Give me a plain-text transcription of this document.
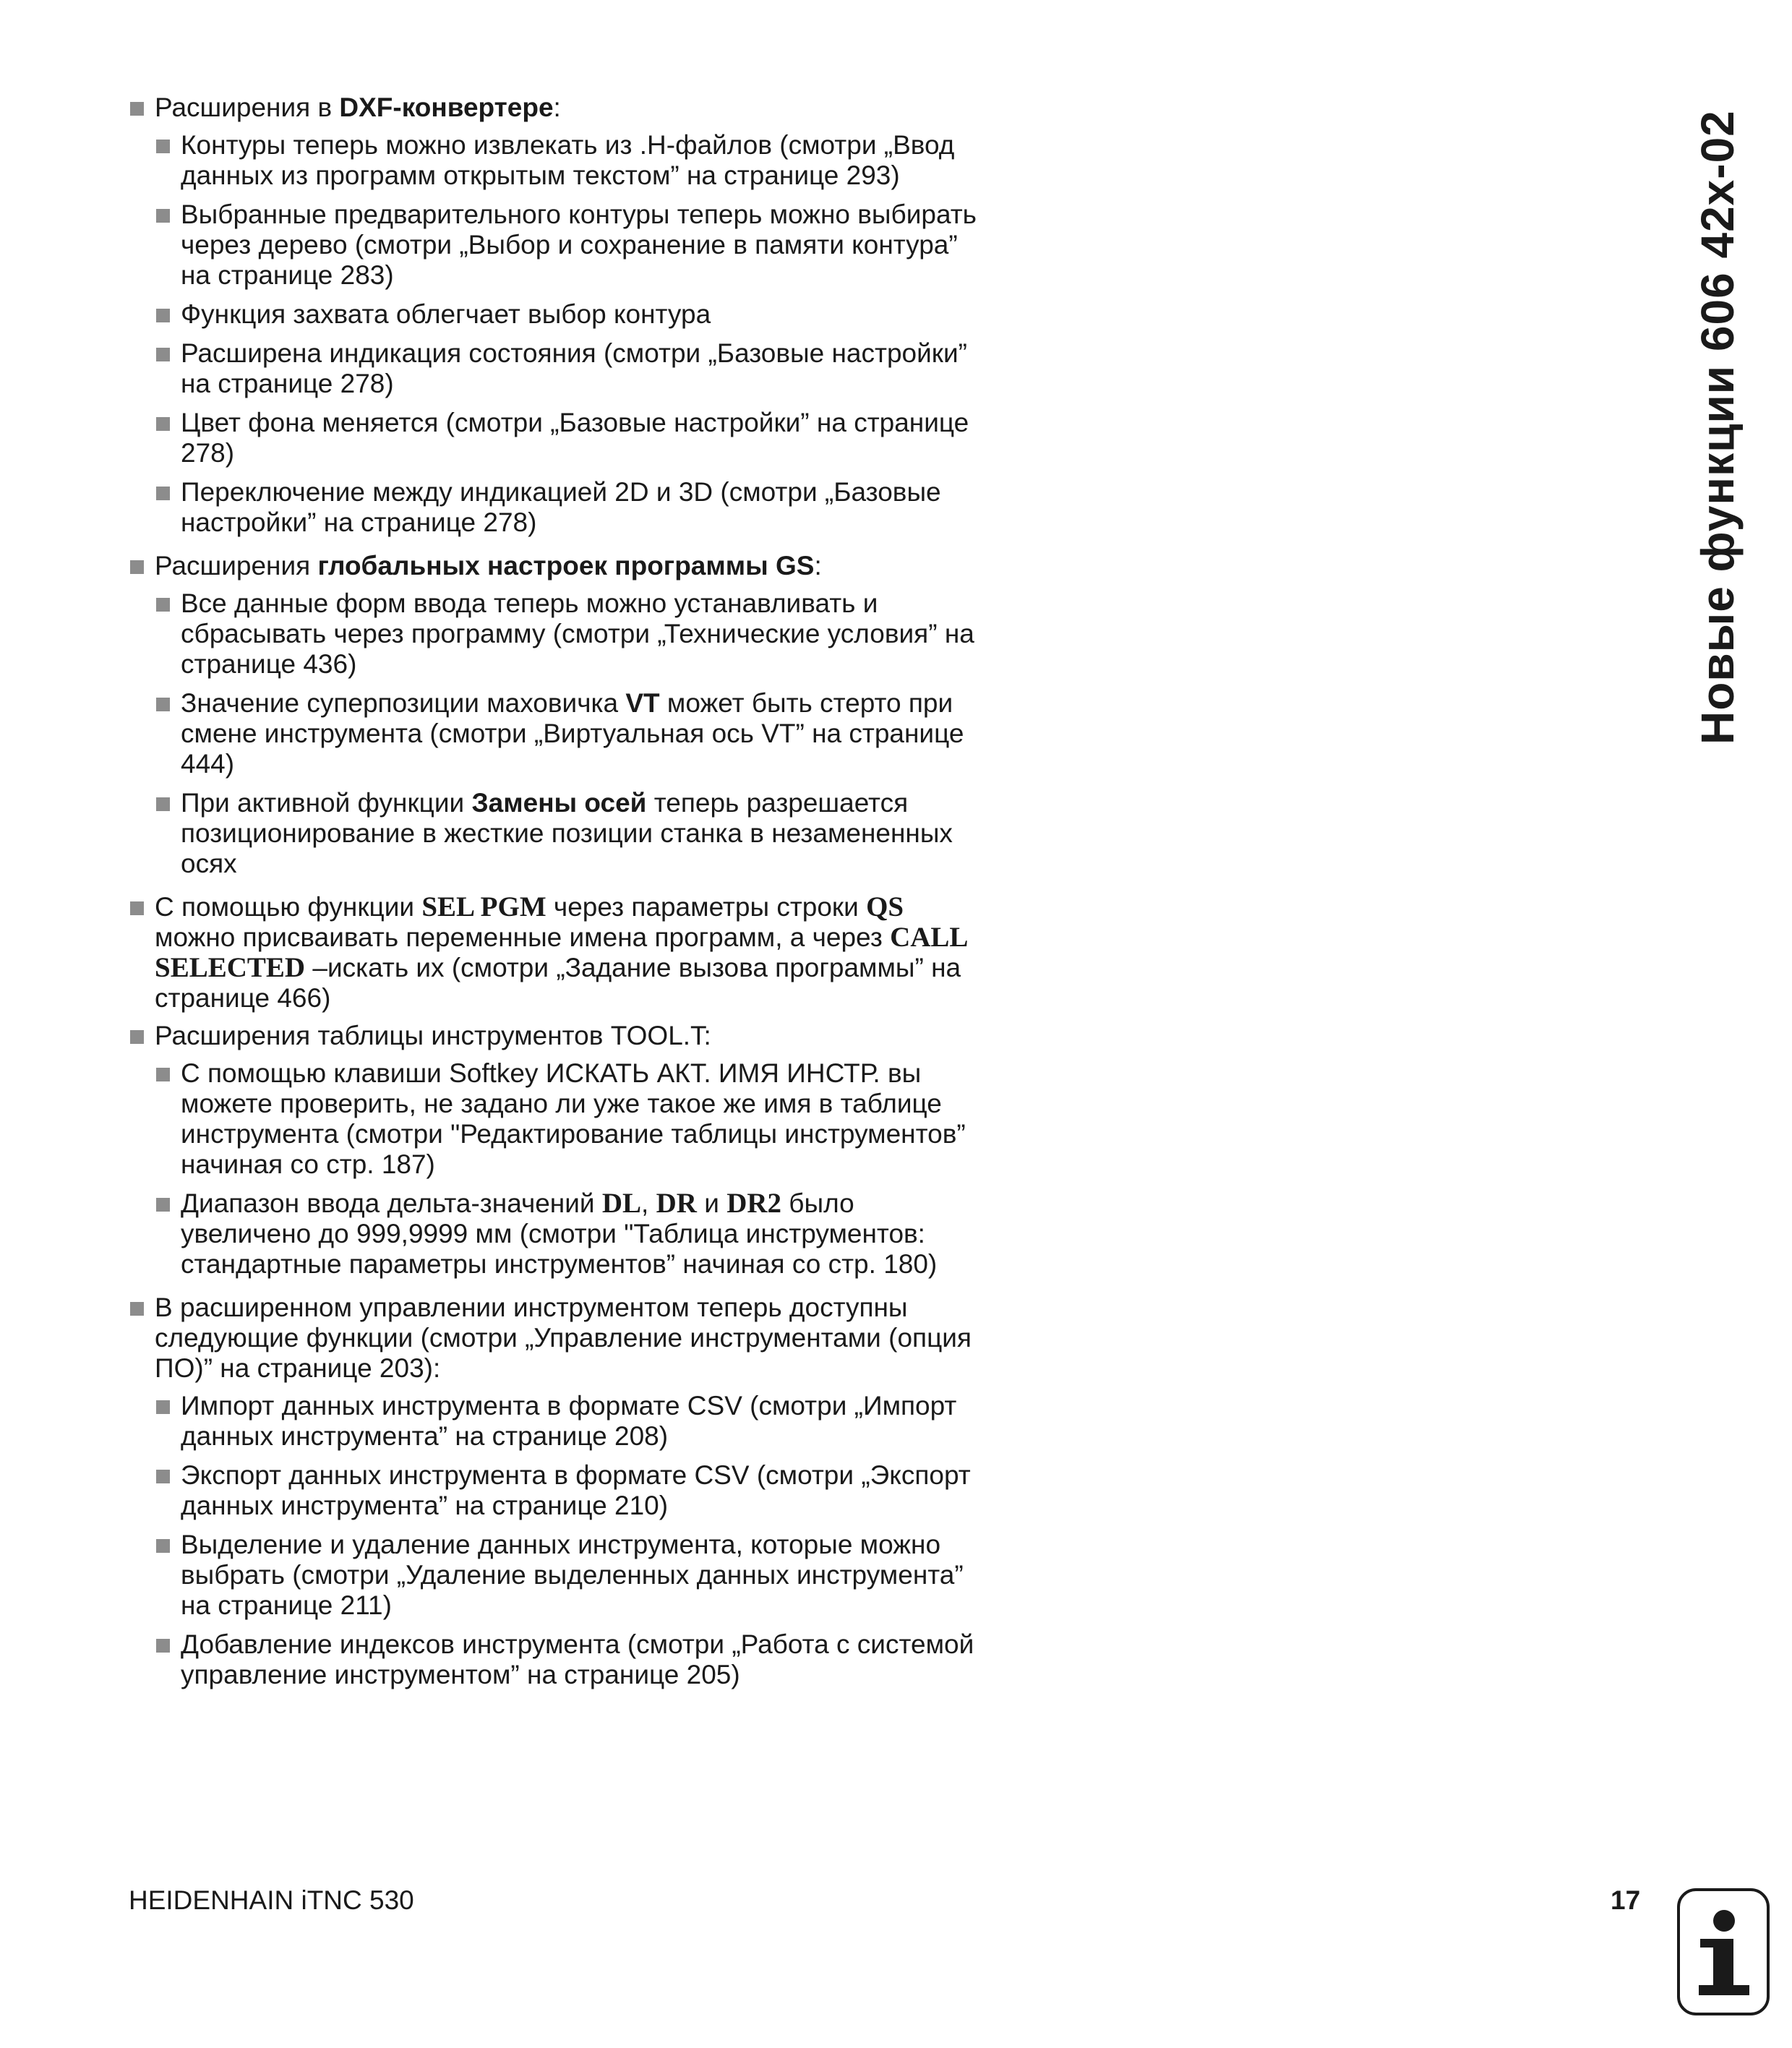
Расширения в DXF-конвертере:
Контуры теперь можно извлекать из .H-файлов (смотри „Ввод данных из программ открытым текстом” на странице 293)
Выбранные предварительного контуры теперь можно выбирать через дерево (смотри „Выбор и сохранение в памяти контура” на странице 283)
Функция захвата облегчает выбор контура
Расширена индикация состояния (смотри „Базовые настройки” на странице 278)
Цвет фона меняется (смотри „Базовые настройки” на странице 278)
Переключение между индикацией 2D и 3D (смотри „Базовые настройки” на странице 278)
Расширения глобальных настроек программы GS:
Все данные форм ввода теперь можно устанавливать и сбрасывать через программу (смотри „Технические условия” на странице 436)
Значение суперпозиции маховичка VT может быть стерто при смене инструмента (смотри „Виртуальная ось VT” на странице 444)
При активной функции Замены осей теперь разрешается позиционирование в жесткие позиции станка в незамененных осях
С помощью функции SEL PGM через параметры строки QS можно присваивать переменные имена программ, а через CALL SELECTED –искать их (смотри „Задание вызова программы” на странице 466)
Расширения таблицы инструментов TOOL.T:
С помощью клавиши Softkey ИСКАТЬ АКТ. ИМЯ ИНСТР. вы можете проверить, не задано ли уже такое же имя в таблице инструмента (смотри "Редактирование таблицы инструментов” начиная со стр. 187)
Диапазон ввода дельта-значений DL, DR и DR2 было увеличено до 999,9999 мм (смотри "Таблица инструментов: стандартные параметры инструментов” начиная со стр. 180)
В расширенном управлении инструментом теперь доступны следующие функции (смотри „Управление инструментами (опция ПО)” на странице 203):
Импорт данных инструмента в формате CSV (смотри „Импорт данных инструмента” на странице 208)
Экспорт данных инструмента в формате CSV (смотри „Экспорт данных инструмента” на странице 210)
Выделение и удаление данных инструмента, которые можно выбрать (смотри „Удаление выделенных данных инструмента” на странице 211)
Добавление индексов инструмента (смотри „Работа с системой управление инструментом” на странице 205)
Новые функции 606 42x-02
HEIDENHAIN iTNC 530	17
